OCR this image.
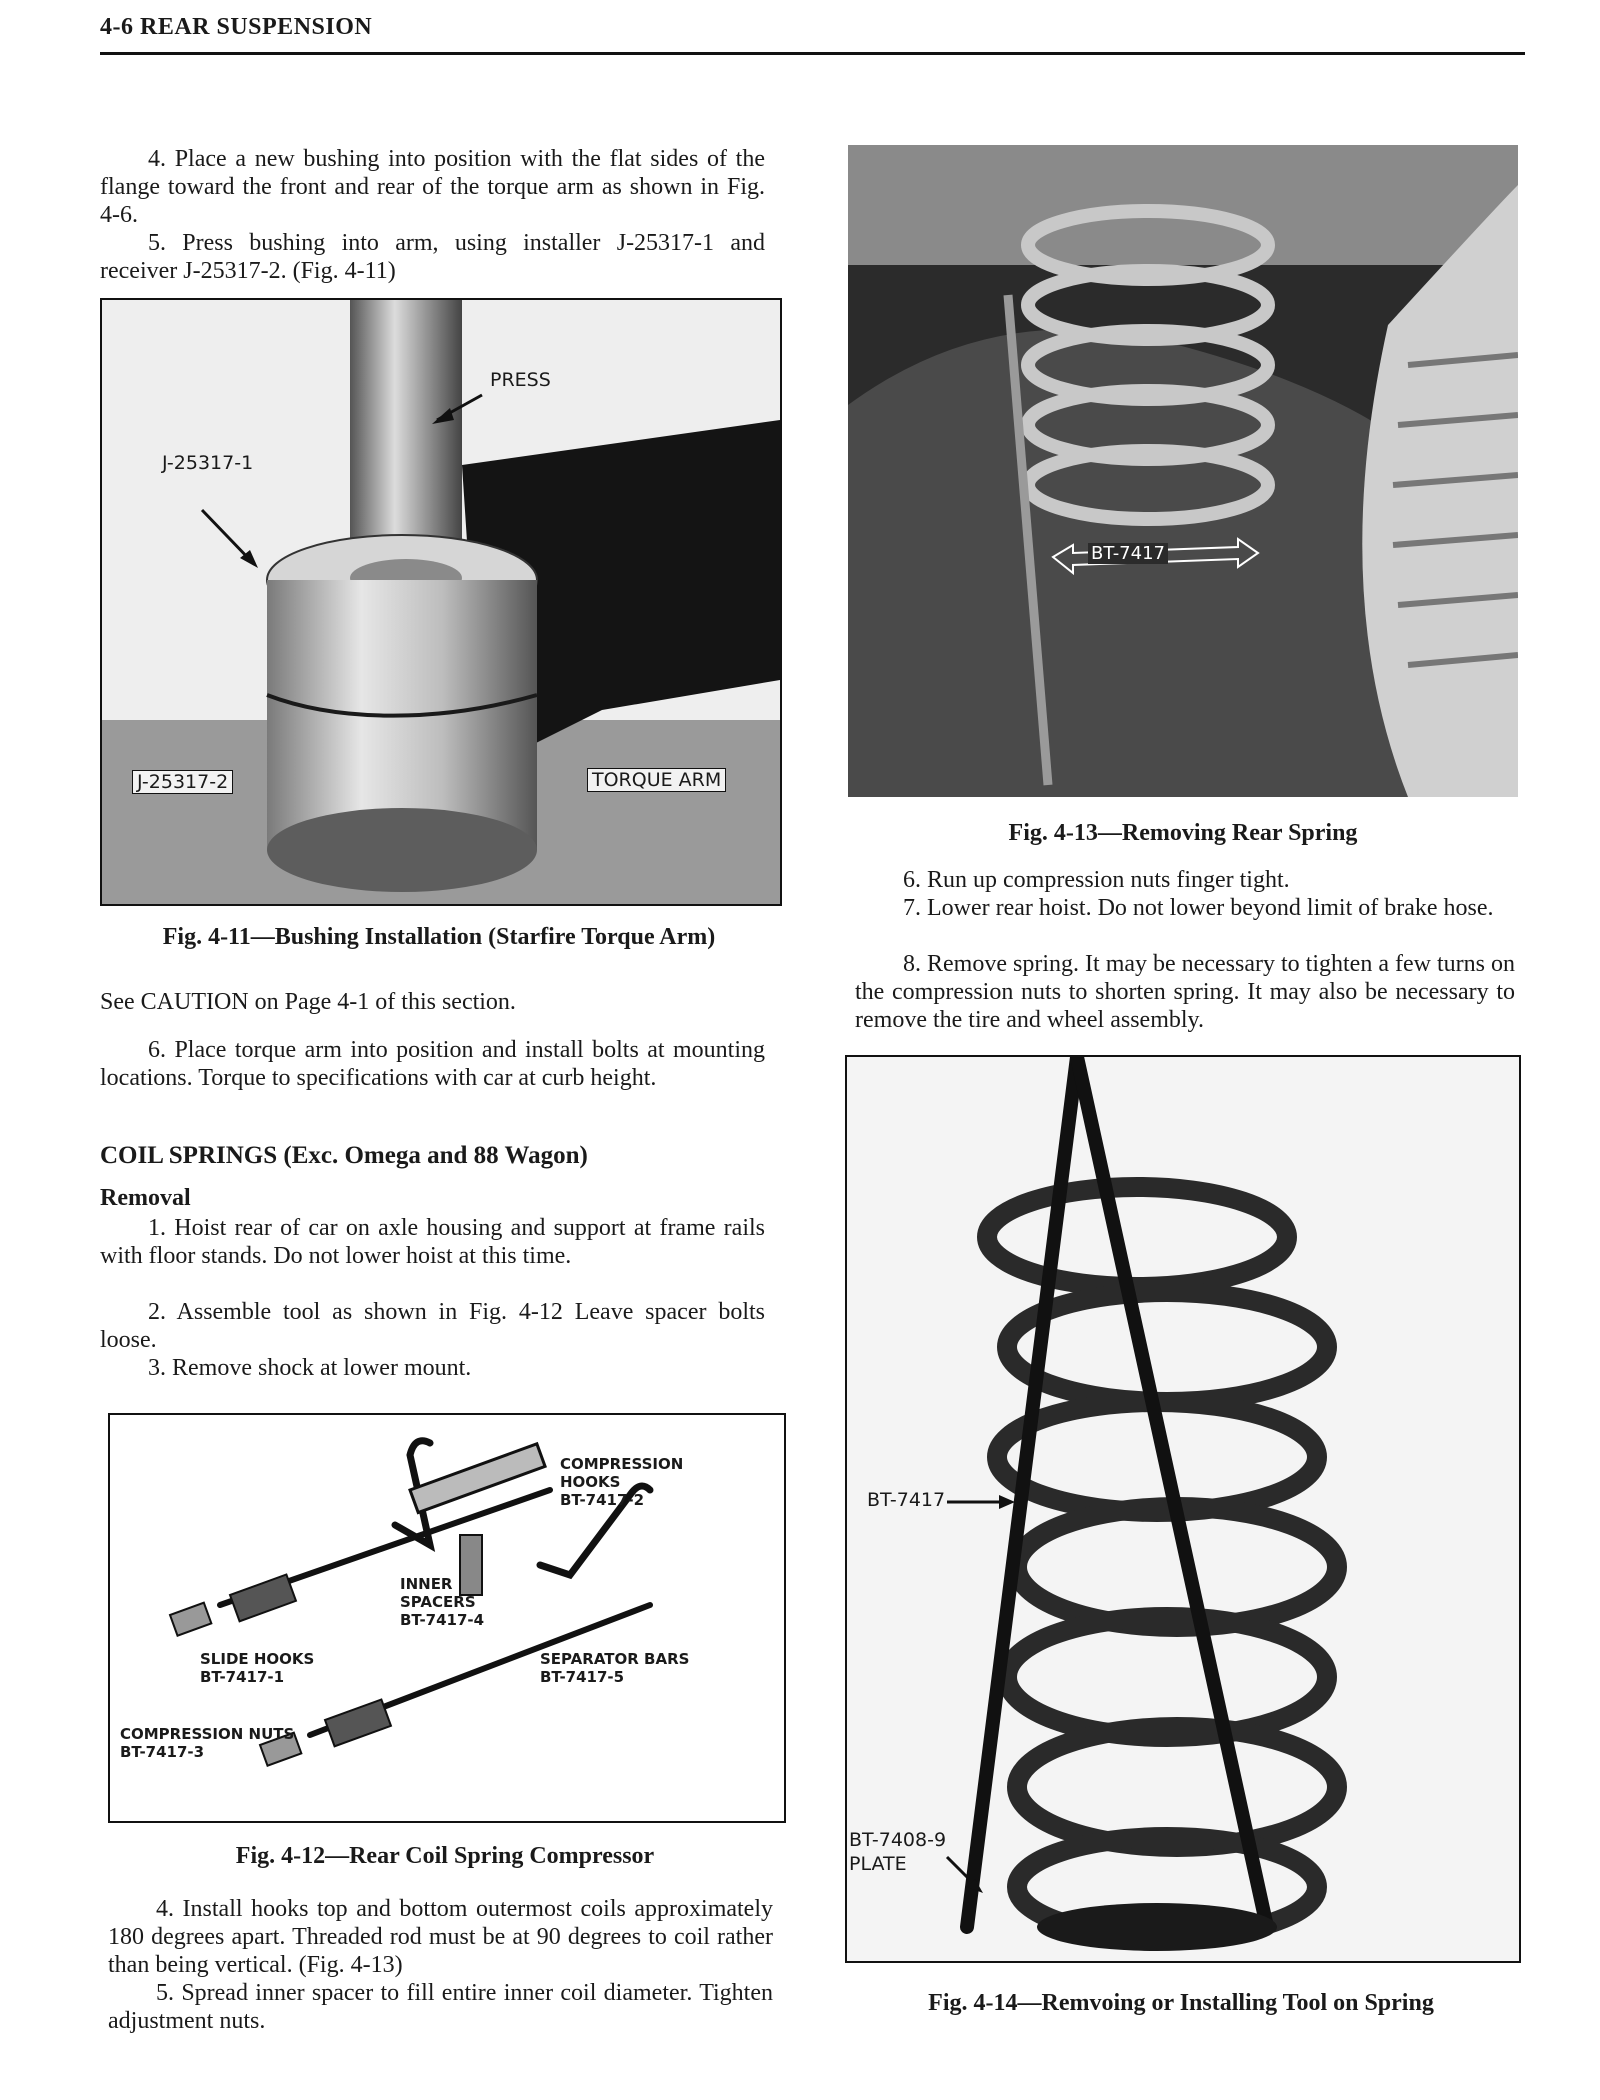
4-6 REAR SUSPENSION

4. Place a new bushing into position with the flat sides of the flange toward the front and rear of the torque arm as shown in Fig. 4-6.

5. Press bushing into arm, using installer J-25317-1 and receiver J-25317-2. (Fig. 4-11)

PRESS
J-25317-1
J-25317-2	TORQUE ARM

Fig. 4-11—Bushing Installation (Starfire Torque Arm)

See CAUTION on Page 4-1 of this section.

6. Place torque arm into position and install bolts at mounting locations. Torque to specifications with car at curb height.

COIL SPRINGS (Exc. Omega and 88 Wagon)

Removal

1. Hoist rear of car on axle housing and support at frame rails with floor stands. Do not lower hoist at this time.

2. Assemble tool as shown in Fig. 4-12 Leave spacer bolts loose.

3. Remove shock at lower mount.

COMPRESSION
HOOKS
BT-7417-2
INNER
SPACERS
BT-7417-4
SLIDE HOOKS
BT-7417-1
SEPARATOR BARS
BT-7417-5
COMPRESSION NUTS
BT-7417-3

Fig. 4-12—Rear Coil Spring Compressor

4. Install hooks top and bottom outermost coils approximately 180 degrees apart. Threaded rod must be at 90 degrees to coil rather than being vertical. (Fig. 4-13)

5. Spread inner spacer to fill entire inner coil diameter. Tighten adjustment nuts.

BT-7417

Fig. 4-13—Removing Rear Spring

6. Run up compression nuts finger tight.

7. Lower rear hoist. Do not lower beyond limit of brake hose.

8. Remove spring. It may be necessary to tighten a few turns on the compression nuts to shorten spring. It may also be necessary to remove the tire and wheel assembly.

BT-7417
BT-7408-9
PLATE

Fig. 4-14—Remvoing or Installing Tool on Spring
